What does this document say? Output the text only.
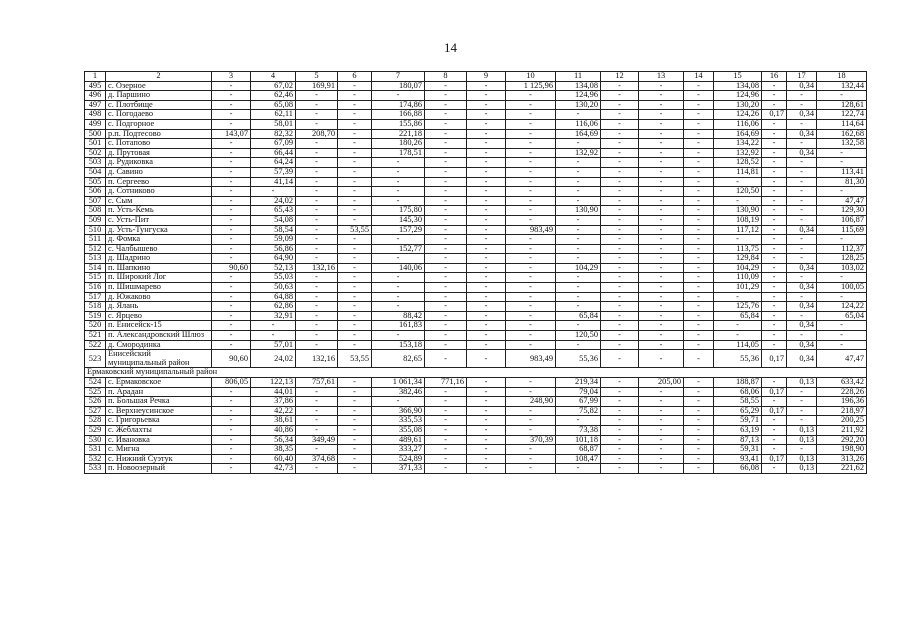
14
1	2	3	4	5	6	7	8	9	10	11	12	13	14	15	16	17	18
495	с. Озерное	-	67,02	169,91	-	180,07	-	-	1 125,96	134,08	-	-	-	134,08	-	0,34	132,44
496	д. Паршино	-	62,46	-	-	-	-	-	-	124,96	-	-	-	124,96	-	-	-
497	с. Плотбище	-	65,08	-	-	174,86	-	-	-	130,20	-	-	-	130,20	-	-	128,61
498	с. Погодаево	-	62,11	-	-	166,88	-	-	-	-	-	-	-	124,26	0,17	0,34	122,74
499	с. Подгорное	-	58,01	-	-	155,86	-	-	-	116,06	-	-	-	116,06	-	-	114,64
500	р.п. Подтесово	143,07	82,32	208,70	-	221,18	-	-	-	164,69	-	-	-	164,69	-	0,34	162,68
501	с. Потапово	-	67,09	-	-	180,26	-	-	-	-	-	-	-	134,22	-	-	132,58
502	д. Прутовая	-	66,44	-	-	178,51	-	-	-	132,92	-	-	-	132,92	-	0,34	-
503	д. Рудиковка	-	64,24	-	-	-	-	-	-	-	-	-	-	128,52	-	-	-
504	д. Савино	-	57,39	-	-	-	-	-	-	-	-	-	-	114,81	-	-	113,41
505	п. Сергеево	-	41,14	-	-	-	-	-	-	-	-	-	-	-	-	-	81,30
506	д. Сотниково	-	-	-	-	-	-	-	-	-	-	-	-	120,50	-	-	-
507	с. Сым	-	24,02	-	-	-	-	-	-	-	-	-	-	-	-	-	47,47
508	п. Усть-Кемь	-	65,43	-	-	175,80	-	-	-	130,90	-	-	-	130,90	-	-	129,30
509	с. Усть-Пит	-	54,08	-	-	145,30	-	-	-	-	-	-	-	108,19	-	-	106,87
510	д. Усть-Тунгуска	-	58,54	-	53,55	157,29	-	-	983,49	-	-	-	-	117,12	-	0,34	115,69
511	д. Фомка	-	59,09	-	-	-	-	-	-	-	-	-	-	-	-	-	-
512	с. Чалбышево	-	56,86	-	-	152,77	-	-	-	-	-	-	-	113,75	-	-	112,37
513	д. Шадрино	-	64,90	-	-	-	-	-	-	-	-	-	-	129,84	-	-	128,25
514	п. Шапкино	90,60	52,13	132,16	-	140,06	-	-	-	104,29	-	-	-	104,29	-	0,34	103,02
515	п. Широкий Лог	-	55,03	-	-	-	-	-	-	-	-	-	-	110,09	-	-	-
516	п. Шишмарево	-	50,63	-	-	-	-	-	-	-	-	-	-	101,29	-	0,34	100,05
517	д. Южаково	-	64,88	-	-	-	-	-	-	-	-	-	-	-	-	-	-
518	д. Ялань	-	62,86	-	-	-	-	-	-	-	-	-	-	125,76	-	0,34	124,22
519	с. Ярцево	-	32,91	-	-	88,42	-	-	-	65,84	-	-	-	65,84	-	-	65,04
520	п. Енисейск-15	-	-	-	-	161,83	-	-	-	-	-	-	-	-	-	0,34	-
521	п. Александровский Шлюз	-	-	-	-	-	-	-	-	120,50	-	-	-	-	-	-	-
522	д. Смородинка	-	57,01	-	-	153,18	-	-	-	-	-	-	-	114,05	-	0,34	-
523	Енисейский муниципальный район	90,60	24,02	132,16	53,55	82,65	-	-	983,49	55,36	-	-	-	55,36	0,17	0,34	47,47
Ермаковский муниципальный район																	
524	с. Ермаковское	806,05	122,13	757,61	-	1 061,34	771,16	-	-	219,34	-	205,00	-	188,87	-	0,13	633,42
525	п. Арадан	-	44,01	-	-	382,46	-	-	-	79,04	-	-	-	68,06	0,17	-	228,26
526	п. Большая Речка	-	37,86	-	-	-	-	-	248,90	67,99	-	-	-	58,55	-	-	196,36
527	с. Верхнеусинское	-	42,22	-	-	366,90	-	-	-	75,82	-	-	-	65,29	0,17	-	218,97
528	с. Григорьевка	-	38,61	-	-	335,53	-	-	-	-	-	-	-	59,71	-	-	200,25
529	с. Жеблахты	-	40,86	-	-	355,08	-	-	-	73,38	-	-	-	63,19	-	0,13	211,92
530	с. Ивановка	-	56,34	349,49	-	489,61	-	-	370,39	101,18	-	-	-	87,13	-	0,13	292,20
531	с. Мигна	-	38,35	-	-	333,27	-	-	-	68,87	-	-	-	59,31	-	-	198,90
532	с. Нижний Суэтук	-	60,40	374,68	-	524,89	-	-	-	108,47	-	-	-	93,41	0,17	0,13	313,26
533	п. Новоозерный	-	42,73	-	-	371,33	-	-	-	-	-	-	-	66,08	-	0,13	221,62
